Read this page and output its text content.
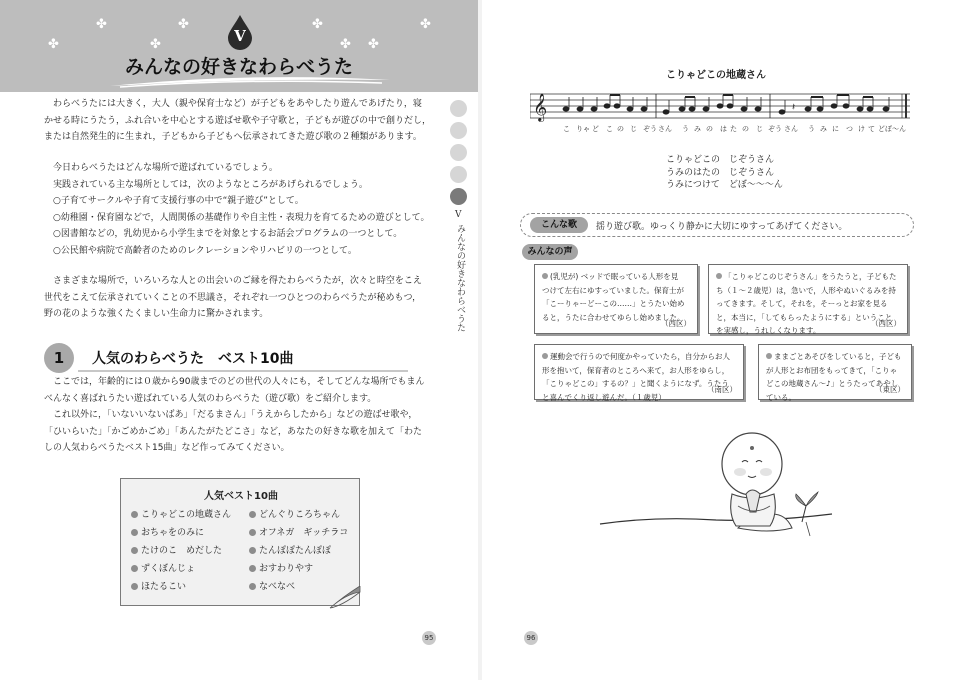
✤
✤
✤
✤	✤
✤ ✤
✤
V
みんなの好きなわらべうた
　わらべうたには大きく，大人（親や保育士など）が子どもをあやしたり遊んであげたり，寝
かせる時にうたう，ふれ合いを中心とする遊ばせ歌や子守歌と，子どもが遊びの中で創りだし，
または自然発生的に生まれ，子どもから子どもへ伝承されてきた遊び歌の２種類があります。
　今日わらべうたはどんな場所で遊ばれているでしょう。
　実践されている主な場所としては，次のようなところがあげられるでしょう。
　○子育てサークルや子育て支援行事の中で“親子遊び”として。
　○幼稚園・保育園などで，人間関係の基礎作りや自主性・表現力を育てるための遊びとして。
　○図書館などの，乳幼児から小学生までを対象とするお話会プログラムの一つとして。
　○公民館や病院で高齢者のためのレクレーションやリハビリの一つとして。
　さまざまな場所で，いろいろな人との出会いのご縁を得たわらべうたが，次々と時空をこえ
世代をこえて伝承されていくことの不思議さ，それぞれ一つひとつのわらべうたが秘めもつ，
野の花のような強くたくましい生命力に驚かされます。
1	人気のわらべうた　ベスト10曲
　ここでは，年齢的には０歳から90歳までのどの世代の人々にも，そしてどんな場所でもまん
べんなく喜ばれうたい遊ばれている人気のわらべうた（遊び歌）をご紹介します。
　これ以外に，「いないいないばあ」「だるまさん」「うえからしたから」などの遊ばせ歌や，
「ひいらいた」「かごめかごめ」「あんたがたどこさ」など，あなたの好きな歌を加えて「わた
しの人気わらべうたベスト15曲」など作ってみてください。
人気ベスト10曲
こりゃどこの地蔵さん
おちゃをのみに
たけのこ　めだした
ずくぼんじょ
ほたるこい
どんぐりころちゃん
オフネガ　ギッチラコ
たんぽぽたんぽぽ
おすわりやす
なべなべ
V
みんなの好きなわらべうた
95
こりゃどこの地蔵さん
𝄞	𝄽
こ りゃ ど こ の じ ぞう さん う み の は た の じ ぞう さん う み に つ け て どぼ～ん
こりゃどこの　じぞうさん
うみのはたの　じぞうさん
うみにつけて　どぼ～～～ん
こんな歌	揺り遊び歌。ゆっくり静かに大切にゆすってあげてください。
みんなの声
(乳児が) ベッドで眠っている人形を見
つけて左右にゆすっていました。保育士が
「こーりゃーどーこの……」とうたい始め
ると，うたに合わせてゆらし始めました。
（西区）
「こりゃどこのじぞうさん」をうたうと，子どもた
ち（１～２歳児）は，急いで，人形やぬいぐるみを持
ってきます。そして，それを，そーっとお家を見る
と，本当に，「してもらったようにする」ということ
を実感し，うれしくなります。
（西区）
運動会で行うので何度かやっていたら，自分からお人
形を抱いて，保育者のところへ来て，お人形をゆらし，
「こりゃどこの」するの？」と聞くようになず。うたう
と喜んでくり返し遊んだ。（１歳児）
（南区）
ままごとあそびをしていると，子ども
が人形とお布団をもってきて，「こりゃ
どこの地蔵さん～♪」とうたってあやし
ている。
（東区）
96
